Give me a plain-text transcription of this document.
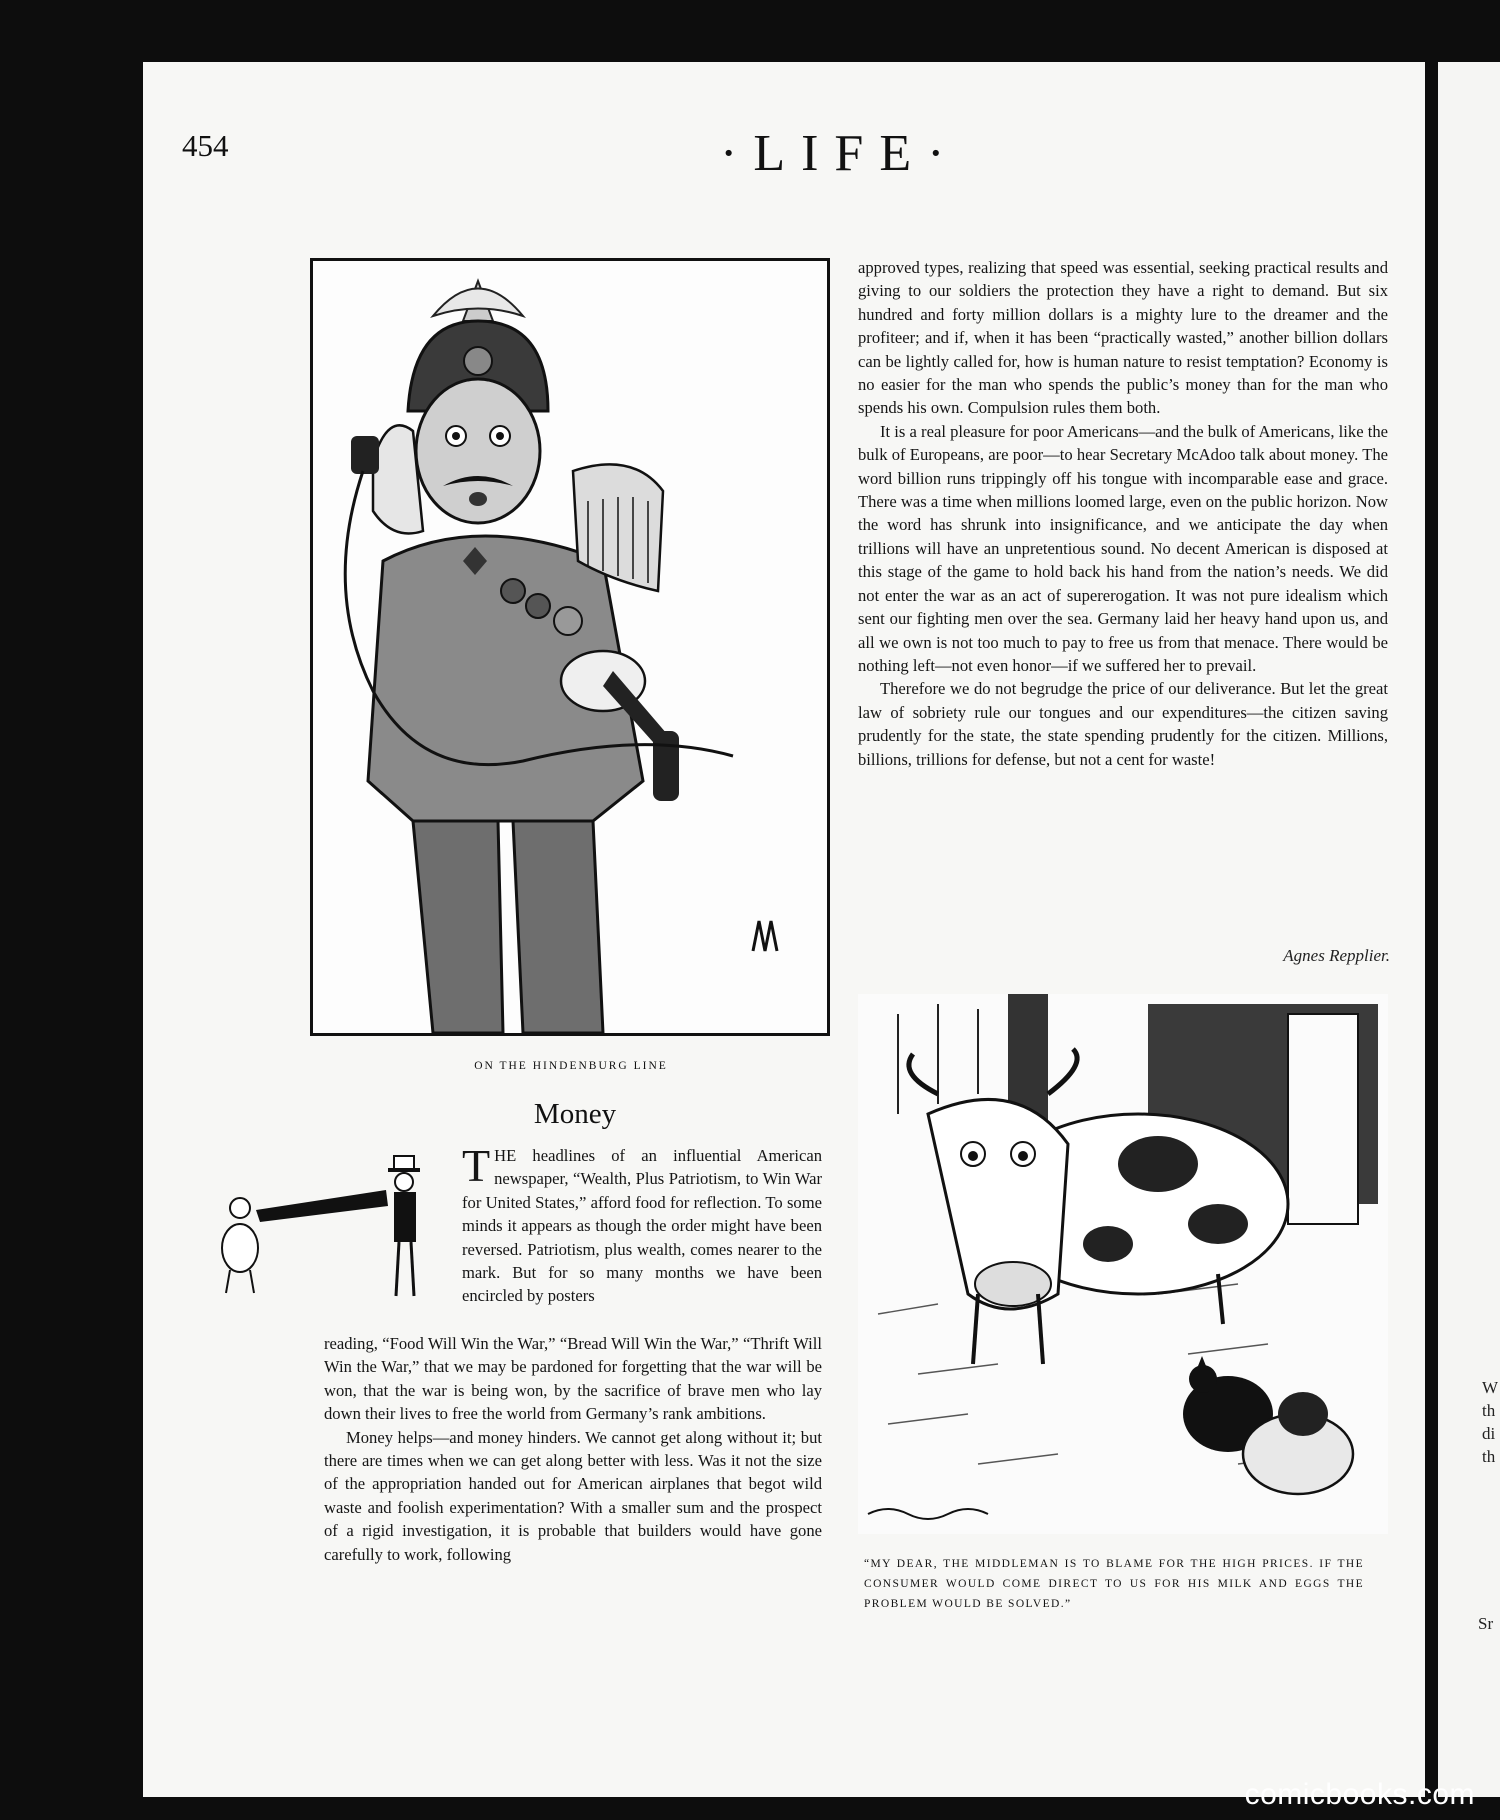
454	·LIFE·
ON THE HINDENBURG LINE
Money

THE headlines of an influential American newspaper, “Wealth, Plus Patriotism, to Win War for United States,” afford food for reflection. To some minds it appears as though the order might have been reversed. Patriotism, plus wealth, comes nearer to the mark. But for so many months we have been encircled by posters

reading, “Food Will Win the War,” “Bread Will Win the War,” “Thrift Will Win the War,” that we may be pardoned for forgetting that the war will be won, that the war is being won, by the sacrifice of brave men who lay down their lives to free the world from Germany’s rank ambitions.

Money helps—and money hinders. We cannot get along without it; but there are times when we can get along better with less. Was it not the size of the appropriation handed out for American airplanes that begot wild waste and foolish experimentation? With a smaller sum and the prospect of a rigid investigation, it is probable that builders would have gone carefully to work, following

approved types, realizing that speed was essential, seeking practical results and giving to our soldiers the protection they have a right to demand. But six hundred and forty million dollars is a mighty lure to the dreamer and the profiteer; and if, when it has been “practically wasted,” another billion dollars can be lightly called for, how is human nature to resist temptation? Economy is no easier for the man who spends the public’s money than for the man who spends his own. Compulsion rules them both.

It is a real pleasure for poor Americans—and the bulk of Americans, like the bulk of Europeans, are poor—to hear Secretary McAdoo talk about money. The word billion runs trippingly off his tongue with incomparable ease and grace. There was a time when millions loomed large, even on the public horizon. Now the word has shrunk into insignificance, and we anticipate the day when trillions will have an unpretentious sound. No decent American is disposed at this stage of the game to hold back his hand from the nation’s needs. We did not enter the war as an act of supererogation. It was not pure idealism which sent our fighting men over the sea. Germany laid her heavy hand upon us, and all we own is not too much to pay to free us from that menace. There would be nothing left—not even honor—if we suffered her to prevail.

Therefore we do not begrudge the price of our deliverance. But let the great law of sobriety rule our tongues and our expenditures—the citizen saving prudently for the state, the state spending prudently for the citizen. Millions, billions, trillions for defense, but not a cent for waste!

Agnes Repplier.
“MY DEAR, THE MIDDLEMAN IS TO BLAME FOR THE HIGH PRICES. IF THE CONSUMER WOULD COME DIRECT TO US FOR HIS MILK AND EGGS THE PROBLEM WOULD BE SOLVED.”
W
th
di
th
Sr
comicbooks.com
